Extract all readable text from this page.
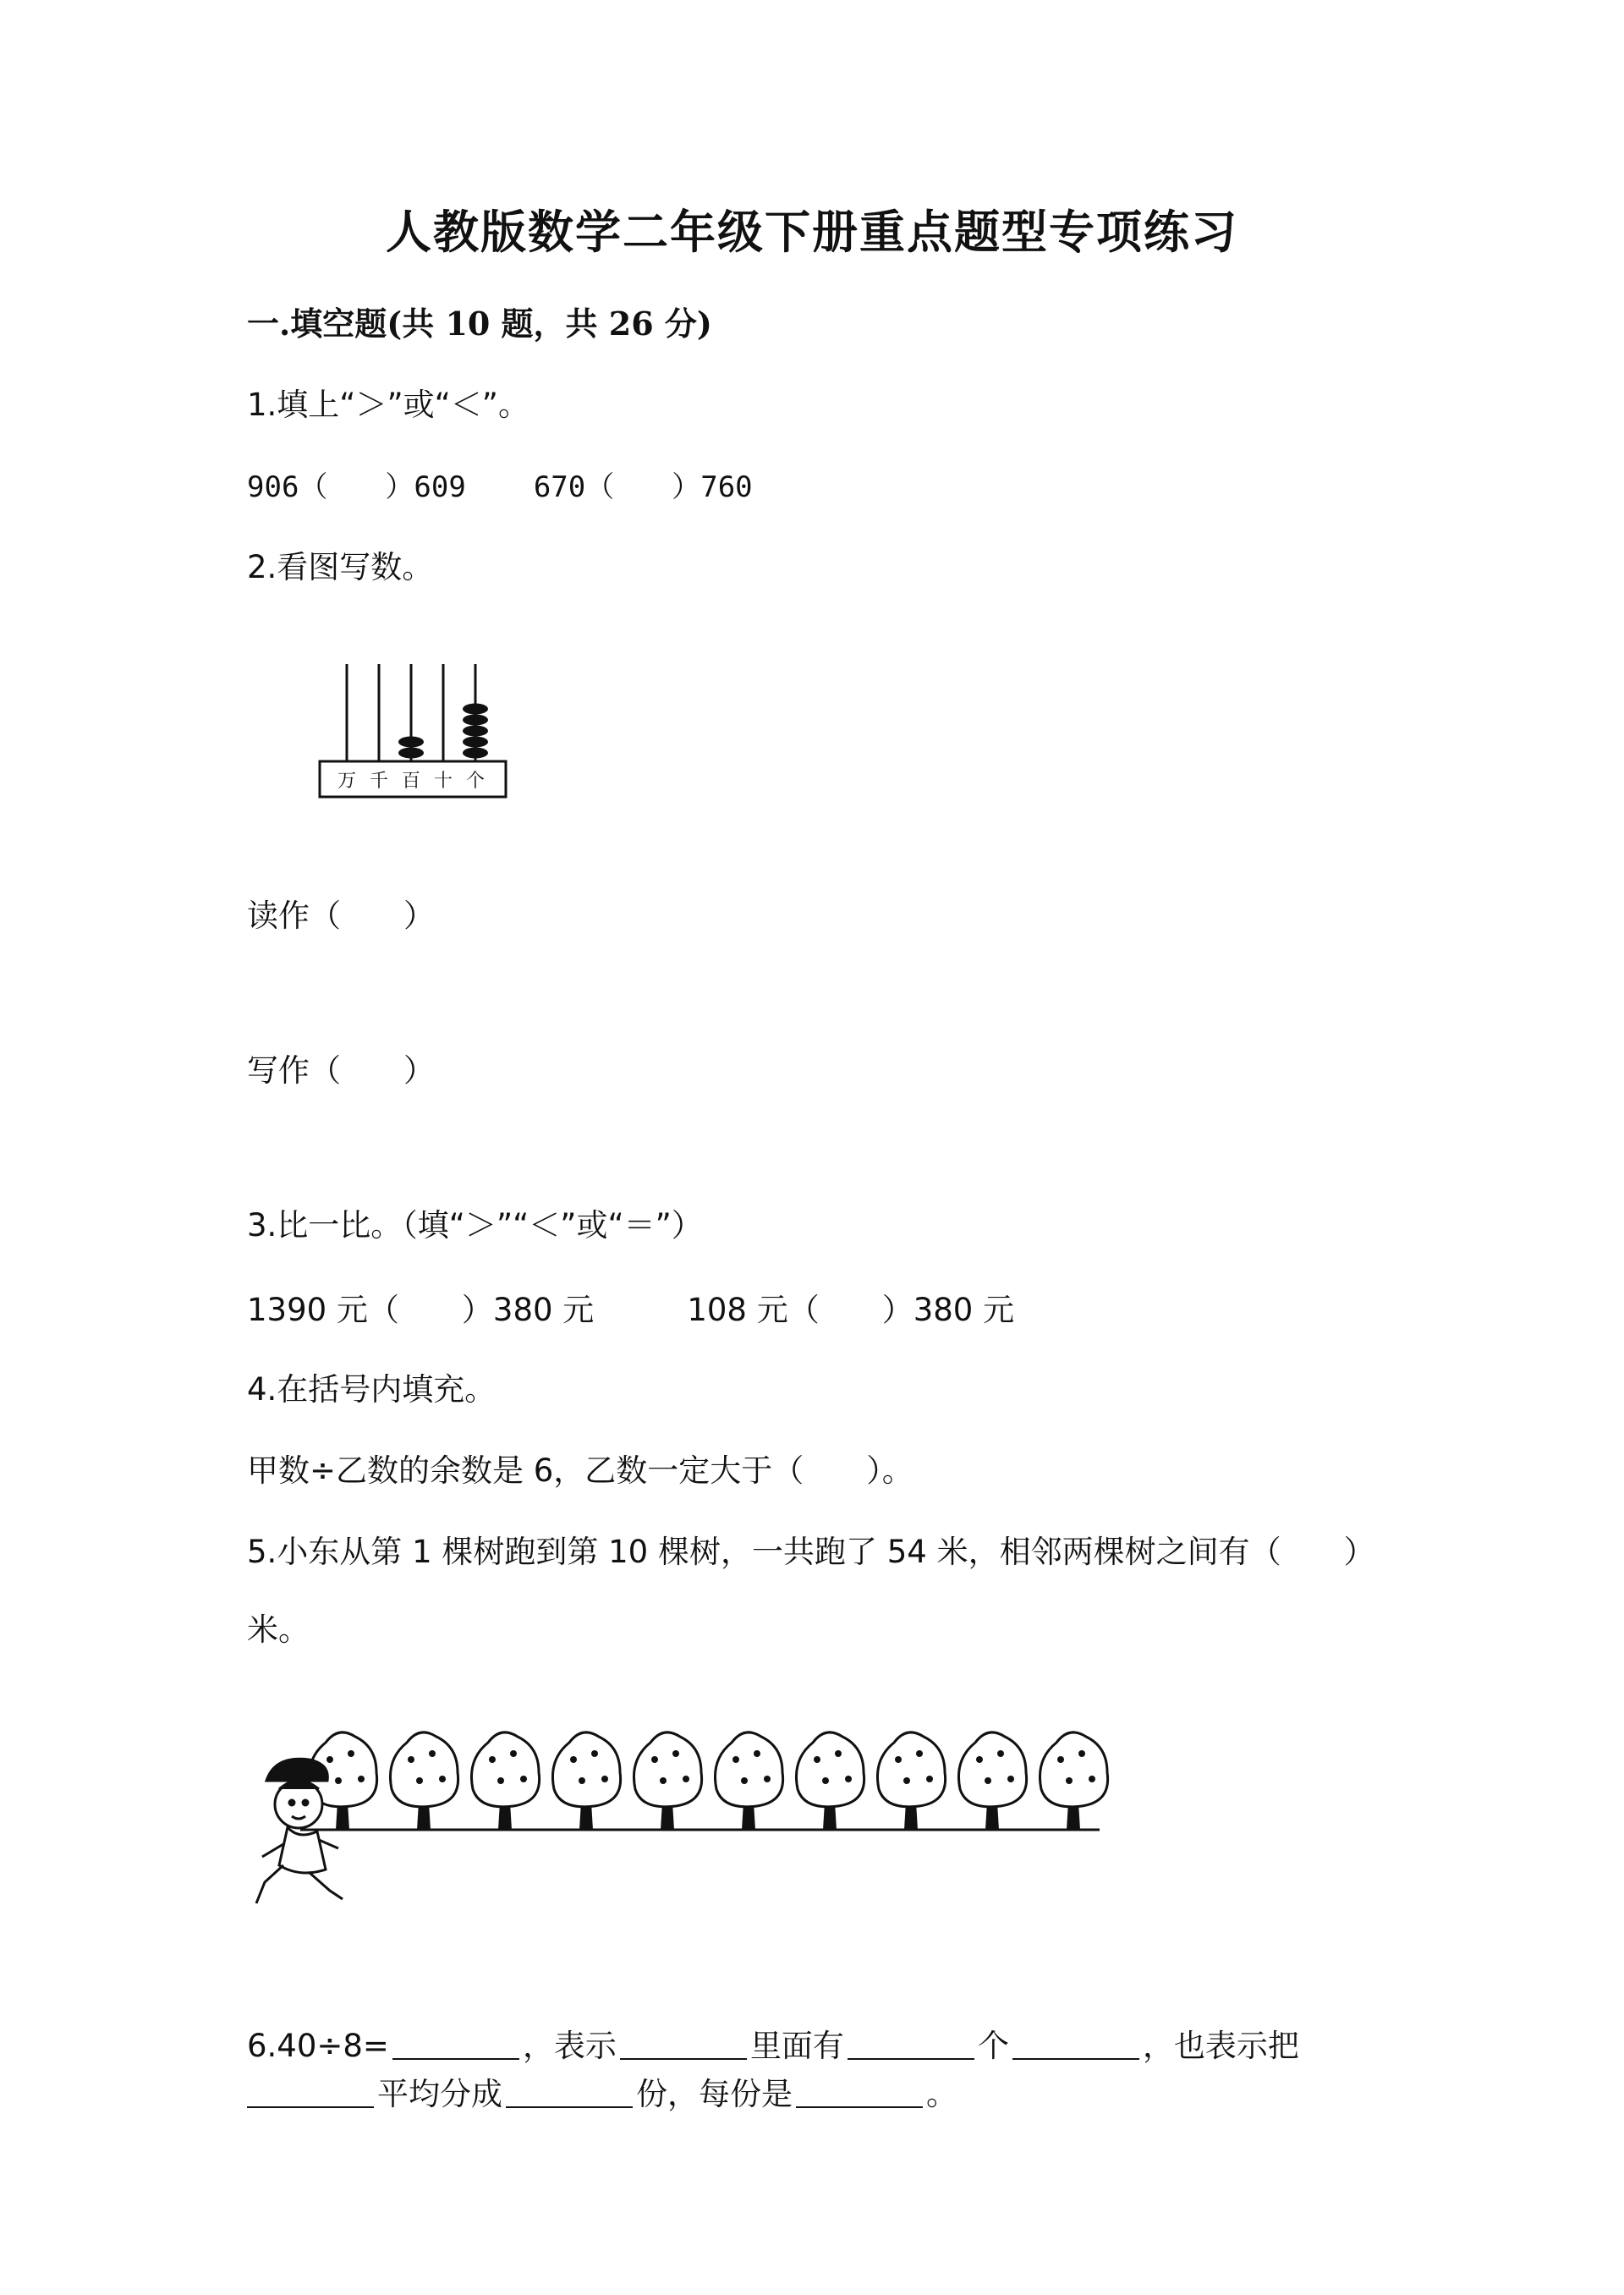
人教版数学二年级下册重点题型专项练习
一.填空题(共 10 题，共 26 分)
1.填上“＞”或“＜”。
906（　　）609 670（　　）760
2.看图写数。
万 千 百 十 个
读作（　　）
写作（　　）
3.比一比。（填“＞”“＜”或“＝”）
1390 元（　　）380 元	108 元（　　）380 元
4.在括号内填充。
甲数÷乙数的余数是 6，乙数一定大于（　　）。
5.小东从第 1 棵树跑到第 10 棵树，一共跑了 54 米，相邻两棵树之间有（　　）
米。
6.40÷8=	，表示	里面有	个	，也表示把
平均分成	份，每份是	。
